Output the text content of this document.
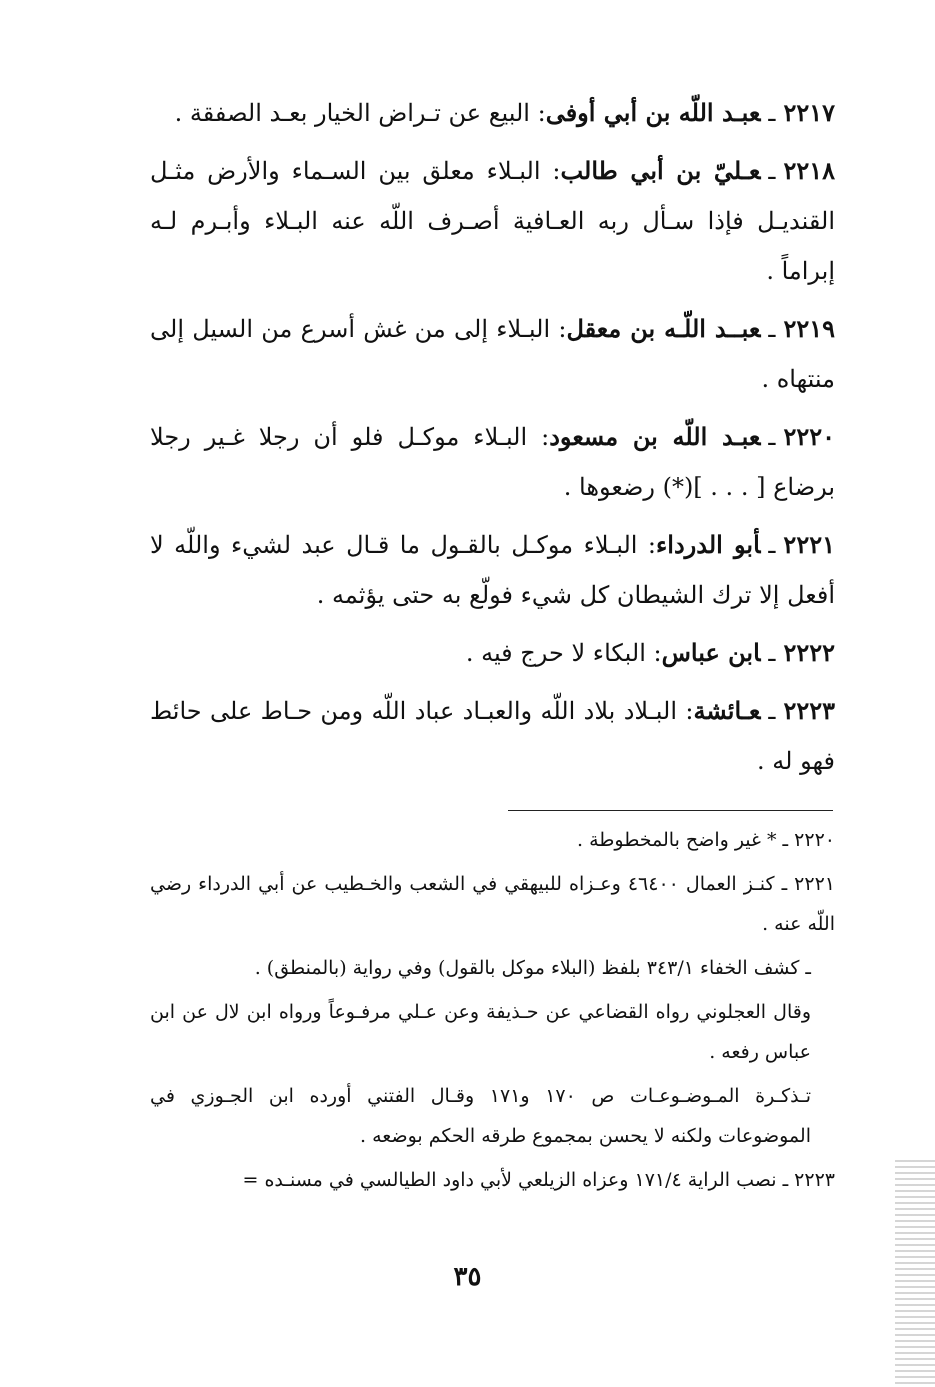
٢٢١٧ـعبـد اللّه بن أبي أوفى: البيع عن تـراض الخيار بعـد الصفقة .

٢٢١٨ـعـليّ بن أبي طالب: البـلاء معلق بين السـماء والأرض مثـل القنديـل فإذا سـأل ربه العـافية أصـرف اللّه عنه البـلاء وأبـرم لـه إبراماً .

٢٢١٩ـعبــد اللّـه بن معقل: البـلاء إلى من غش أسرع من السيل إلى منتهاه .

٢٢٢٠ـعبـد اللّه بن مسعود: البـلاء موكـل فلو أن رجلا غـير رجلا برضاع [ . . . ](*) رضعوها .

٢٢٢١ـأبو الدرداء: البـلاء موكـل بالقـول ما قـال عبد لشيء واللّه لا أفعل إلا ترك الشيطان كل شيء فولّع به حتى يؤثمه .

٢٢٢٢ـابن عباس: البكاء لا حرج فيه .

٢٢٢٣ـعـائشة: البـلاد بلاد اللّه والعبـاد عباد اللّه ومن حـاط على حائط فهو له .

٢٢٢٠ ـ * غير واضح بالمخطوطة .

٢٢٢١ ـ كنـز العمال ٤٦٤٠٠ وعـزاه للبيهقي في الشعب والخـطيب عن أبي الدرداء رضي اللّه عنه .

ـ كشف الخفاء ٣٤٣/١ بلفظ (البلاء موكل بالقول) وفي رواية (بالمنطق) .

وقال العجلوني رواه القضاعي عن حـذيفة وعن عـلي مرفـوعاً ورواه ابن لال عن ابن عباس رفعه .

تـذكـرة المـوضـوعـات ص ١٧٠ و١٧١ وقـال الفتني أورده ابن الجـوزي في الموضوعات ولكنه لا يحسن بمجموع طرقه الحكم بوضعه .

٢٢٢٣ ـ نصب الراية ١٧١/٤ وعزاه الزيلعي لأبي داود الطيالسي في مسنـده =

٣٥
